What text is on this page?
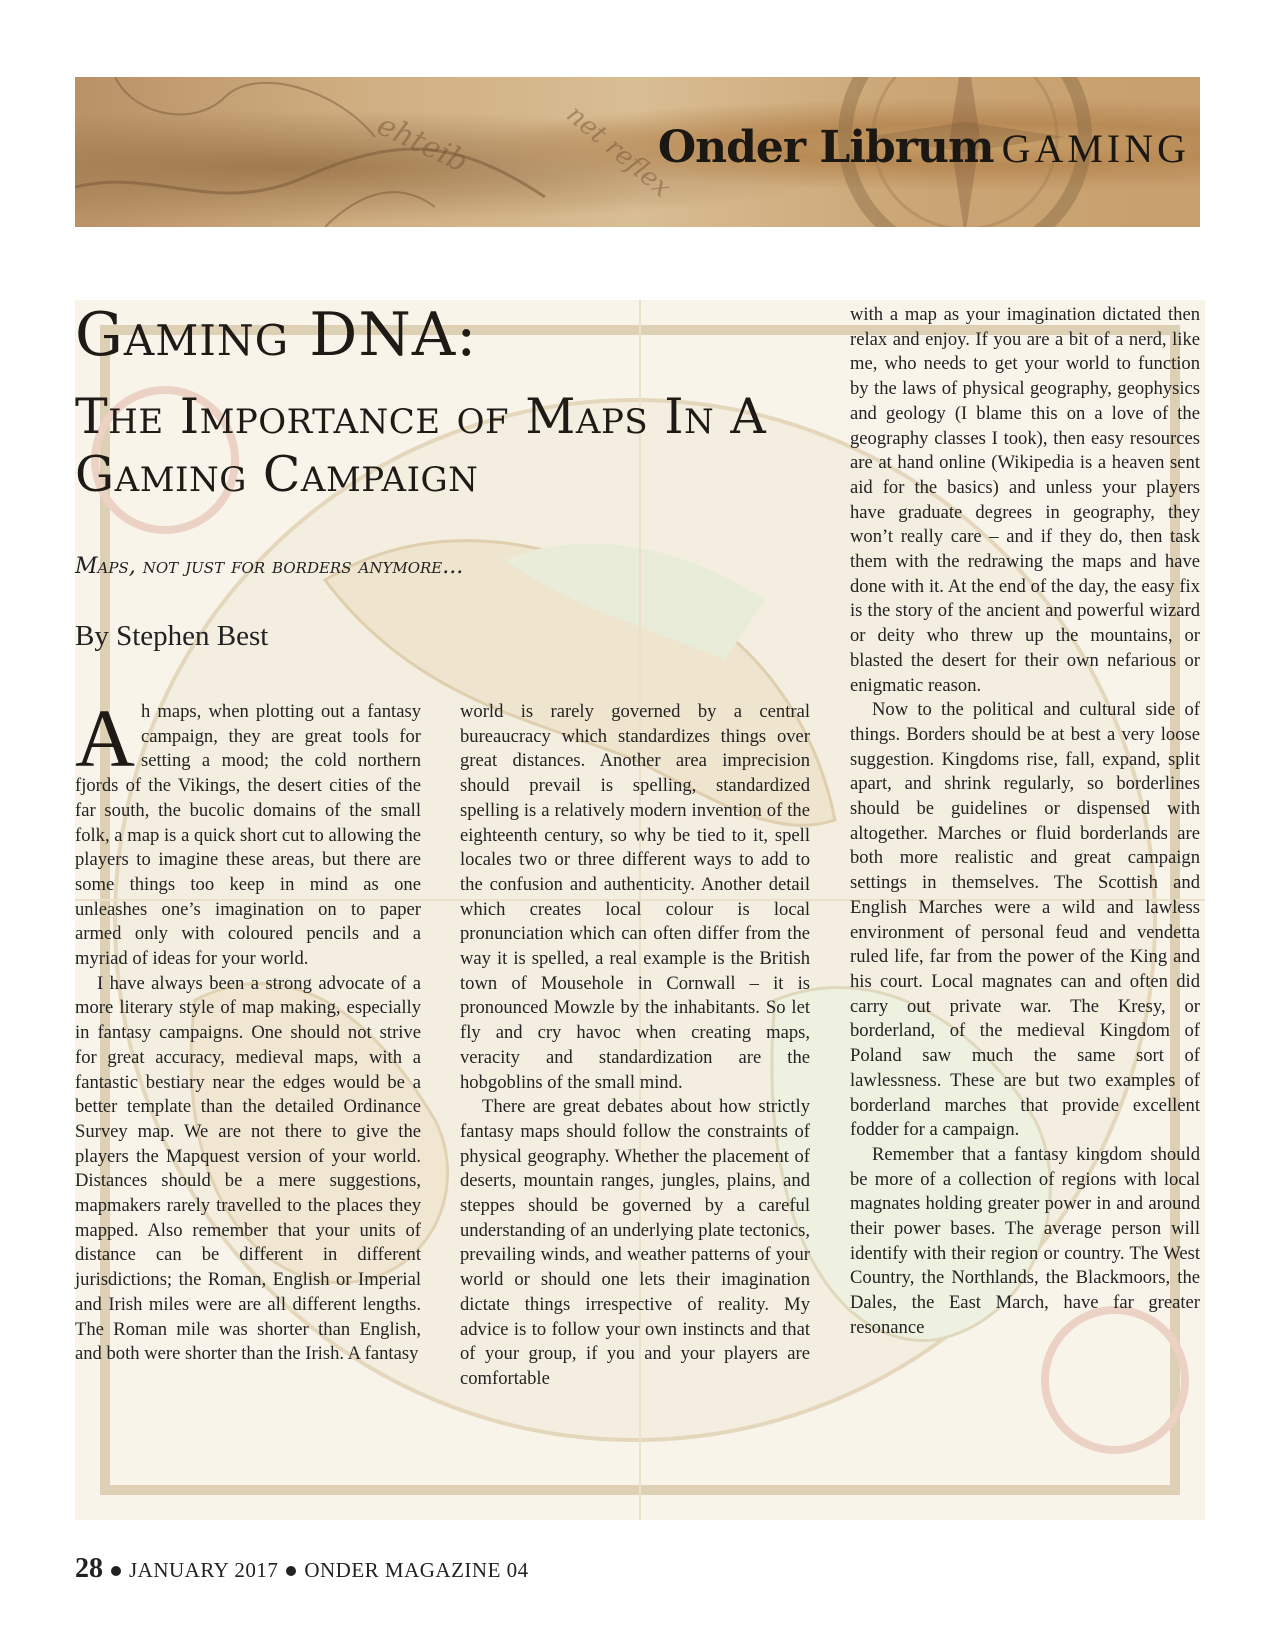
ehteib	net reflex
Onder Librum GAMING
Gaming DNA:
The Importance of Maps In A Gaming Campaign
Maps, not just for borders anymore...
By Stephen Best

Ah maps, when plotting out a fantasy campaign, they are great tools for setting a mood; the cold northern fjords of the Vikings, the desert cities of the far south, the bucolic domains of the small folk, a map is a quick short cut to allowing the players to imagine these areas, but there are some things too keep in mind as one unleashes one’s imagination on to paper armed only with coloured pencils and a myriad of ideas for your world.

I have always been a strong advocate of a more literary style of map making, especially in fantasy campaigns. One should not strive for great accuracy, medieval maps, with a fantastic bestiary near the edges would be a better template than the detailed Ordinance Survey map. We are not there to give the players the Mapquest version of your world. Distances should be a mere suggestions, mapmakers rarely travelled to the places they mapped. Also remember that your units of distance can be different in different jurisdictions; the Roman, English or Imperial and Irish miles were are all different lengths. The Roman mile was shorter than English, and both were shorter than the Irish. A fantasy

world is rarely governed by a central bureaucracy which standardizes things over great distances. Another area imprecision should prevail is spelling, standardized spelling is a relatively modern invention of the eighteenth century, so why be tied to it, spell locales two or three different ways to add to the confusion and authenticity. Another detail which creates local colour is local pronunciation which can often differ from the way it is spelled, a real example is the British town of Mousehole in Cornwall – it is pronounced Mowzle by the inhabitants. So let fly and cry havoc when creating maps, veracity and standardization are the hobgoblins of the small mind.

There are great debates about how strictly fantasy maps should follow the constraints of physical geography. Whether the placement of deserts, mountain ranges, jungles, plains, and steppes should be governed by a careful understanding of an underlying plate tectonics, prevailing winds, and weather patterns of your world or should one lets their imagination dictate things irrespective of reality. My advice is to follow your own instincts and that of your group, if you and your players are comfortable

with a map as your imagination dictated then relax and enjoy. If you are a bit of a nerd, like me, who needs to get your world to function by the laws of physical geography, geophysics and geology (I blame this on a love of the geography classes I took), then easy resources are at hand online (Wikipedia is a heaven sent aid for the basics) and unless your players have graduate degrees in geography, they won’t really care – and if they do, then task them with the redrawing the maps and have done with it. At the end of the day, the easy fix is the story of the ancient and powerful wizard or deity who threw up the mountains, or blasted the desert for their own nefarious or enigmatic reason.

Now to the political and cultural side of things. Borders should be at best a very loose suggestion. Kingdoms rise, fall, expand, split apart, and shrink regularly, so borderlines should be guidelines or dispensed with altogether. Marches or fluid borderlands are both more realistic and great campaign settings in themselves. The Scottish and English Marches were a wild and lawless environment of personal feud and vendetta ruled life, far from the power of the King and his court. Local magnates can and often did carry out private war. The Kresy, or borderland, of the medieval Kingdom of Poland saw much the same sort of lawlessness. These are but two examples of borderland marches that provide excellent fodder for a campaign.

Remember that a fantasy kingdom should be more of a collection of regions with local magnates holding greater power in and around their power bases. The average person will identify with their region or country. The West Country, the Northlands, the Blackmoors, the Dales, the East March, have far greater resonance

28 JANUARY 2017 ONDER MAGAZINE 04
